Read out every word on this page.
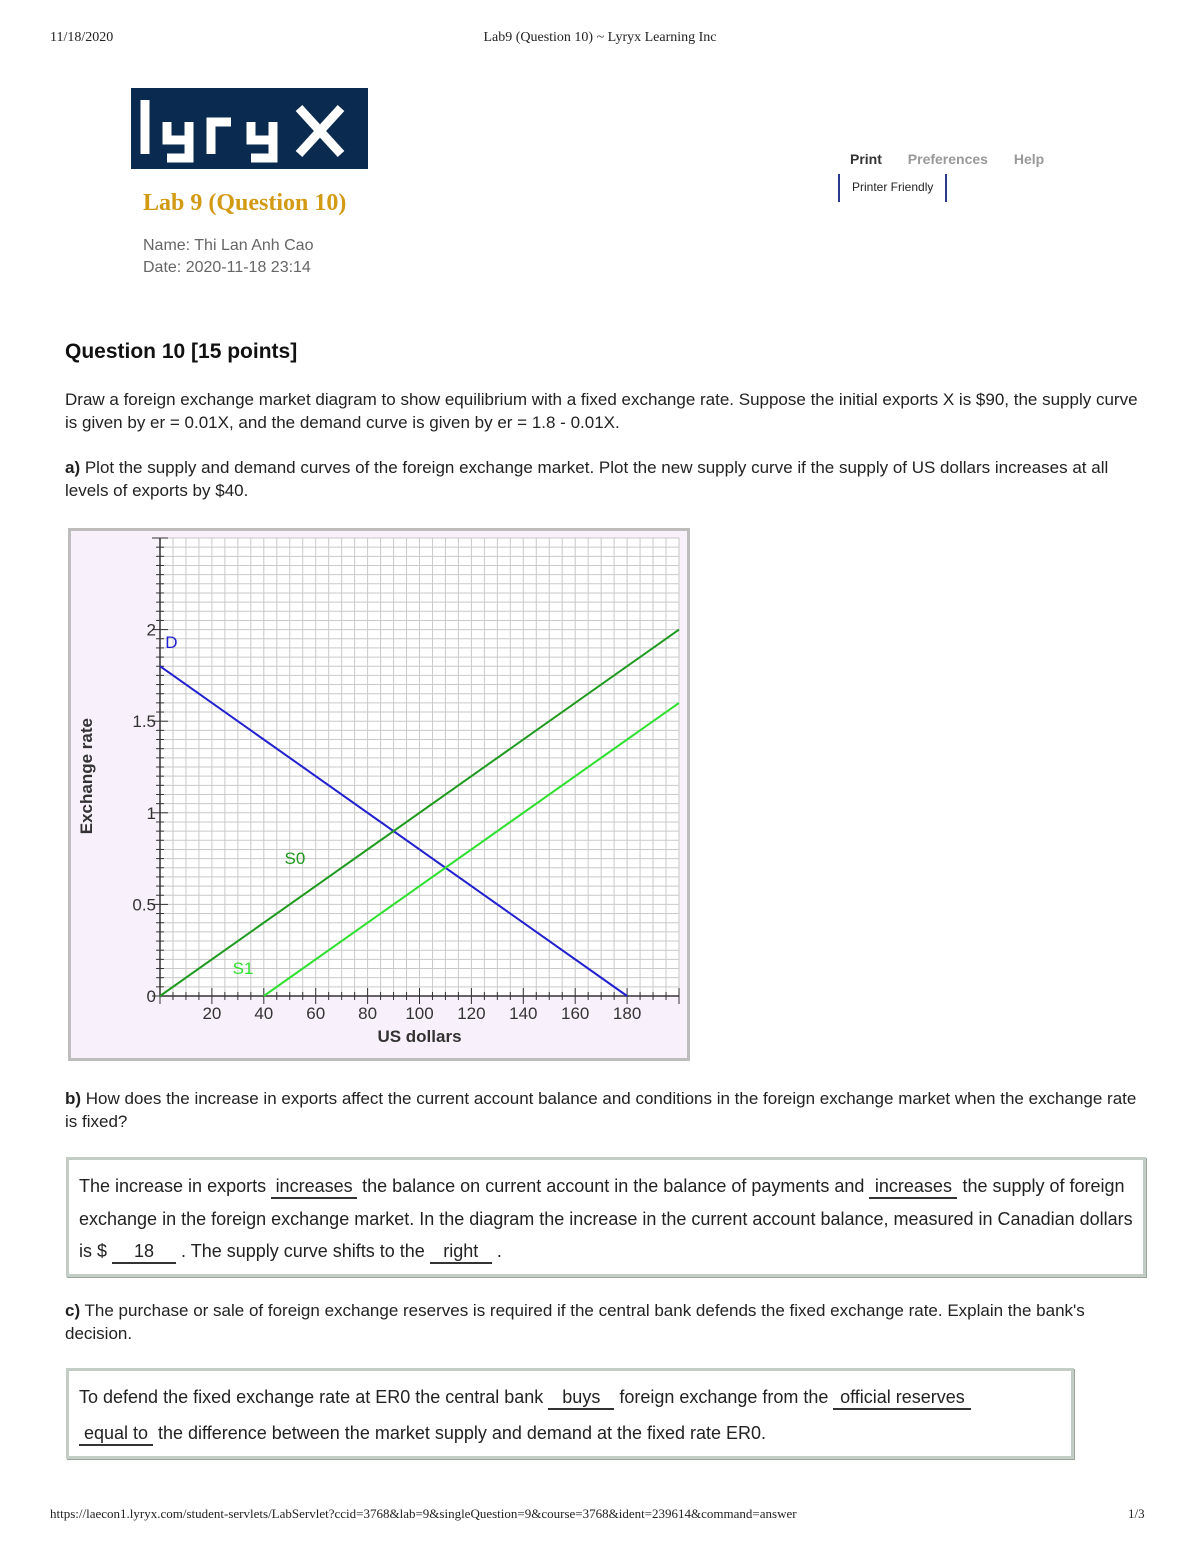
11/18/2020	Lab9 (Question 10) ~ Lyryx Learning Inc
Lab 9 (Question 10)
Name: Thi Lan Anh Cao
Date: 2020-11-18 23:14
Print Preferences Help
Printer Friendly
Question 10 [15 points]
Draw a foreign exchange market diagram to show equilibrium with a fixed exchange rate. Suppose the initial exports X is $90, the supply curve is given by er = 0.01X, and the demand curve is given by er = 1.8 - 0.01X.
a) Plot the supply and demand curves of the foreign exchange market. Plot the new supply curve if the supply of US dollars increases at all levels of exports by $40.
D
S0
S1
20 40 60 80 100 120 140 160 180
0
0.5
1
1.5
2
US dollars
Exchange rate
b) How does the increase in exports affect the current account balance and conditions in the foreign exchange market when the exchange rate is fixed?
The increase in exports increases the balance on current account in the balance of payments and increases the supply of foreign exchange in the foreign exchange market. In the diagram the increase in the current account balance, measured in Canadian dollars is $ 18 . The supply curve shifts to the right .
c) The purchase or sale of foreign exchange reserves is required if the central bank defends the fixed exchange rate. Explain the bank's decision.
To defend the fixed exchange rate at ER0 the central bank buys foreign exchange from the official reserves
equal to the difference between the market supply and demand at the fixed rate ER0.
https://laecon1.lyryx.com/student-servlets/LabServlet?ccid=3768&lab=9&singleQuestion=9&course=3768&ident=239614&command=answer	1/3
